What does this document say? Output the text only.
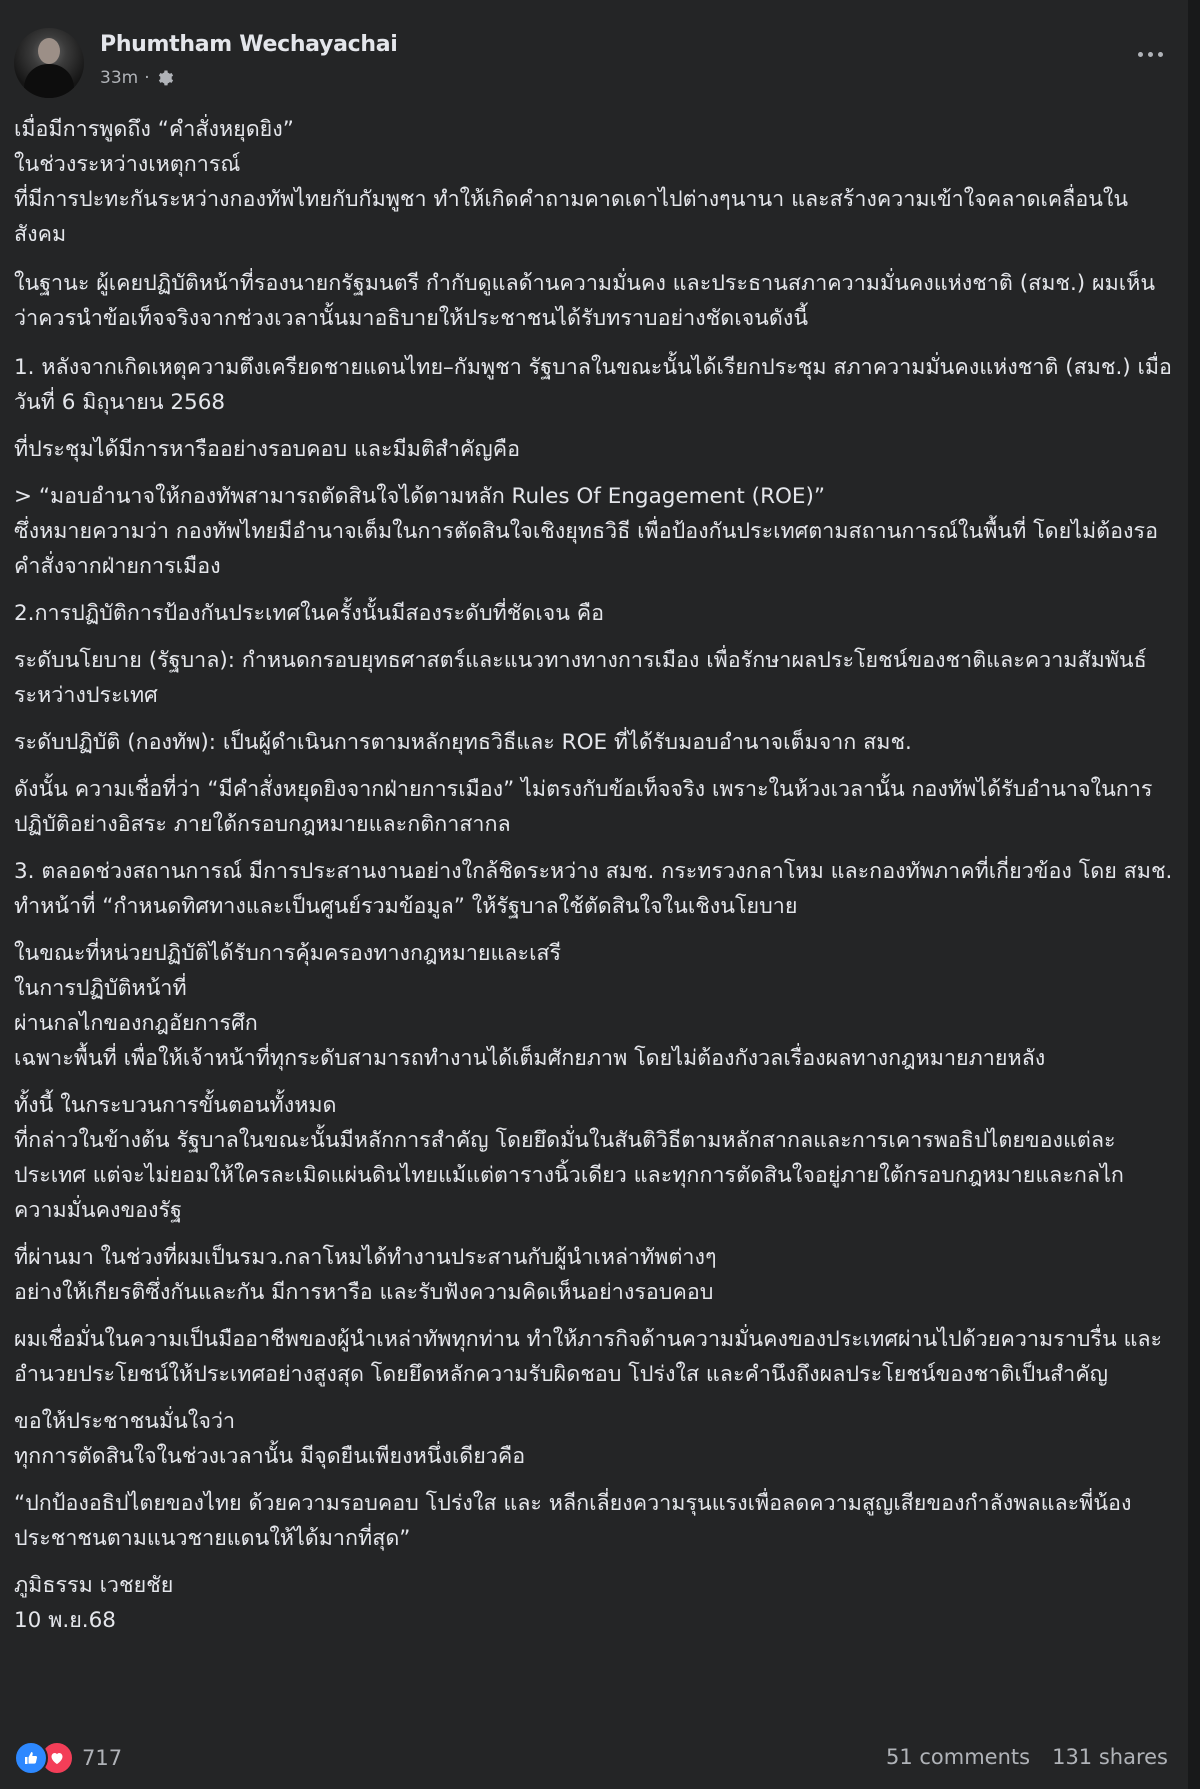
Phumtham Wechayachai
33m ·

เมื่อมีการพูดถึง “คำสั่งหยุดยิง”
ในช่วงระหว่างเหตุการณ์
ที่มีการปะทะกันระหว่างกองทัพไทยกับกัมพูชา ทำให้เกิดคำถามคาดเดาไปต่างๆนานา และสร้างความเข้าใจคลาดเคลื่อนในสังคม

ในฐานะ ผู้เคยปฏิบัติหน้าที่รองนายกรัฐมนตรี กำกับดูแลด้านความมั่นคง และประธานสภาความมั่นคงแห่งชาติ (สมช.) ผมเห็นว่าควรนำข้อเท็จจริงจากช่วงเวลานั้นมาอธิบายให้ประชาชนได้รับทราบอย่างชัดเจนดังนี้

1. หลังจากเกิดเหตุความตึงเครียดชายแดนไทย–กัมพูชา รัฐบาลในขณะนั้นได้เรียกประชุม สภาความมั่นคงแห่งชาติ (สมช.) เมื่อวันที่ 6 มิถุนายน 2568

ที่ประชุมได้มีการหารืออย่างรอบคอบ และมีมติสำคัญคือ

> “มอบอำนาจให้กองทัพสามารถตัดสินใจได้ตามหลัก Rules Of Engagement (ROE)”
ซึ่งหมายความว่า กองทัพไทยมีอำนาจเต็มในการตัดสินใจเชิงยุทธวิธี เพื่อป้องกันประเทศตามสถานการณ์ในพื้นที่ โดยไม่ต้องรอคำสั่งจากฝ่ายการเมือง

2.การปฏิบัติการป้องกันประเทศในครั้งนั้นมีสองระดับที่ชัดเจน คือ

ระดับนโยบาย (รัฐบาล): กำหนดกรอบยุทธศาสตร์และแนวทางทางการเมือง เพื่อรักษาผลประโยชน์ของชาติและความสัมพันธ์ระหว่างประเทศ

ระดับปฏิบัติ (กองทัพ): เป็นผู้ดำเนินการตามหลักยุทธวิธีและ ROE ที่ได้รับมอบอำนาจเต็มจาก สมช.

ดังนั้น ความเชื่อที่ว่า “มีคำสั่งหยุดยิงจากฝ่ายการเมือง” ไม่ตรงกับข้อเท็จจริง เพราะในห้วงเวลานั้น กองทัพได้รับอำนาจในการปฏิบัติอย่างอิสระ ภายใต้กรอบกฎหมายและกติกาสากล

3. ตลอดช่วงสถานการณ์ มีการประสานงานอย่างใกล้ชิดระหว่าง สมช. กระทรวงกลาโหม และกองทัพภาคที่เกี่ยวข้อง โดย สมช. ทำหน้าที่ “กำหนดทิศทางและเป็นศูนย์รวมข้อมูล” ให้รัฐบาลใช้ตัดสินใจในเชิงนโยบาย

ในขณะที่หน่วยปฏิบัติได้รับการคุ้มครองทางกฎหมายและเสรี
ในการปฏิบัติหน้าที่
ผ่านกลไกของกฎอัยการศึก
เฉพาะพื้นที่ เพื่อให้เจ้าหน้าที่ทุกระดับสามารถทำงานได้เต็มศักยภาพ โดยไม่ต้องกังวลเรื่องผลทางกฎหมายภายหลัง

ทั้งนี้ ในกระบวนการขั้นตอนทั้งหมด
ที่กล่าวในข้างต้น รัฐบาลในขณะนั้นมีหลักการสำคัญ โดยยึดมั่นในสันติวิธีตามหลักสากลและการเคารพอธิปไตยของแต่ละประเทศ แต่จะไม่ยอมให้ใครละเมิดแผ่นดินไทยแม้แต่ตารางนิ้วเดียว และทุกการตัดสินใจอยู่ภายใต้กรอบกฎหมายและกลไกความมั่นคงของรัฐ

ที่ผ่านมา ในช่วงที่ผมเป็นรมว.กลาโหมได้ทำงานประสานกับผู้นำเหล่าทัพต่างๆ
อย่างให้เกียรติซึ่งกันและกัน มีการหารือ และรับฟังความคิดเห็นอย่างรอบคอบ

ผมเชื่อมั่นในความเป็นมืออาชีพของผู้นำเหล่าทัพทุกท่าน ทำให้ภารกิจด้านความมั่นคงของประเทศผ่านไปด้วยความราบรื่น และอำนวยประโยชน์ให้ประเทศอย่างสูงสุด โดยยึดหลักความรับผิดชอบ โปร่งใส และคำนึงถึงผลประโยชน์ของชาติเป็นสำคัญ

ขอให้ประชาชนมั่นใจว่า
ทุกการตัดสินใจในช่วงเวลานั้น มีจุดยืนเพียงหนึ่งเดียวคือ

“ปกป้องอธิปไตยของไทย ด้วยความรอบคอบ โปร่งใส และ หลีกเลี่ยงความรุนแรงเพื่อลดความสูญเสียของกำลังพลและพี่น้องประชาชนตามแนวชายแดนให้ได้มากที่สุด”

ภูมิธรรม เวชยชัย
10 พ.ย.68

717	51 comments 131 shares
